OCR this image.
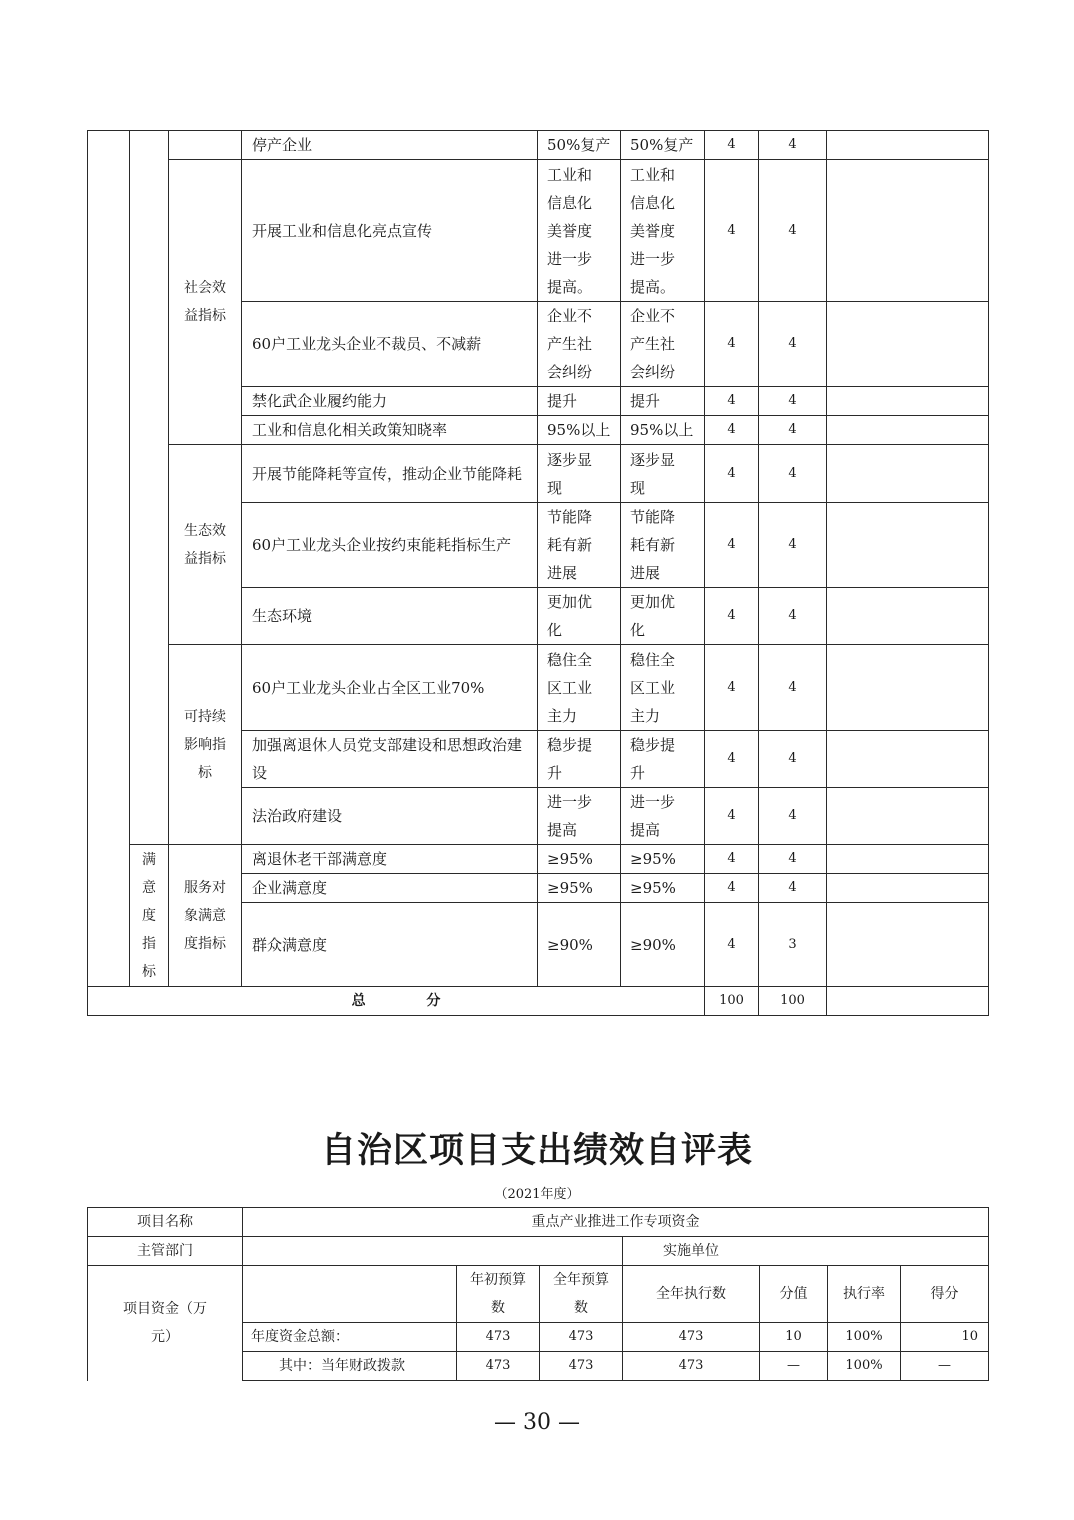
			停产企业	50%复产	50%复产	4	4	

		社会效益指标	开展工业和信息化亮点宣传	工业和信息化美誉度进一步提高。	工业和信息化美誉度进一步提高。	4	4	
			60户工业龙头企业不裁员、不减薪	企业不产生社会纠纷	企业不产生社会纠纷	4	4	
			禁化武企业履约能力	提升	提升	4	4	
			工业和信息化相关政策知晓率	95%以上	95%以上	4	4	

		生态效益指标	开展节能降耗等宣传，推动企业节能降耗	逐步显现	逐步显现	4	4	

			60户工业龙头企业按约束能耗指标生产	节能降耗有新进展	节能降耗有新进展	4	4	
			生态环境	更加优化	更加优化	4	4	

		可持续影响指标	60户工业龙头企业占全区工业70%	稳住全区工业主力	稳住全区工业主力	4	4	

			加强离退休人员党支部建设和思想政治建设	稳步提升	稳步提升	4	4	
			法治政府建设	进一步提高	进一步提高	4	4	

	满意度指标	服务对象满意度指标	离退休老干部满意度	≥95%	≥95%	4	4	
			企业满意度	≥95%	≥95%	4	4	
			群众满意度	≥90%	≥90%	4	3	
总 分						100	100	
自治区项目支出绩效自评表
（2021年度）
项目名称	重点产业推进工作专项资金						
主管部门				实施单位			

项目资金（万元）		年初预算数	全年预算数	全年执行数	分值	执行率	得分
	年度资金总额：	473	473	473	10	100%	10
	其中：当年财政拨款	473	473	473	—	100%	—
— 30 —
